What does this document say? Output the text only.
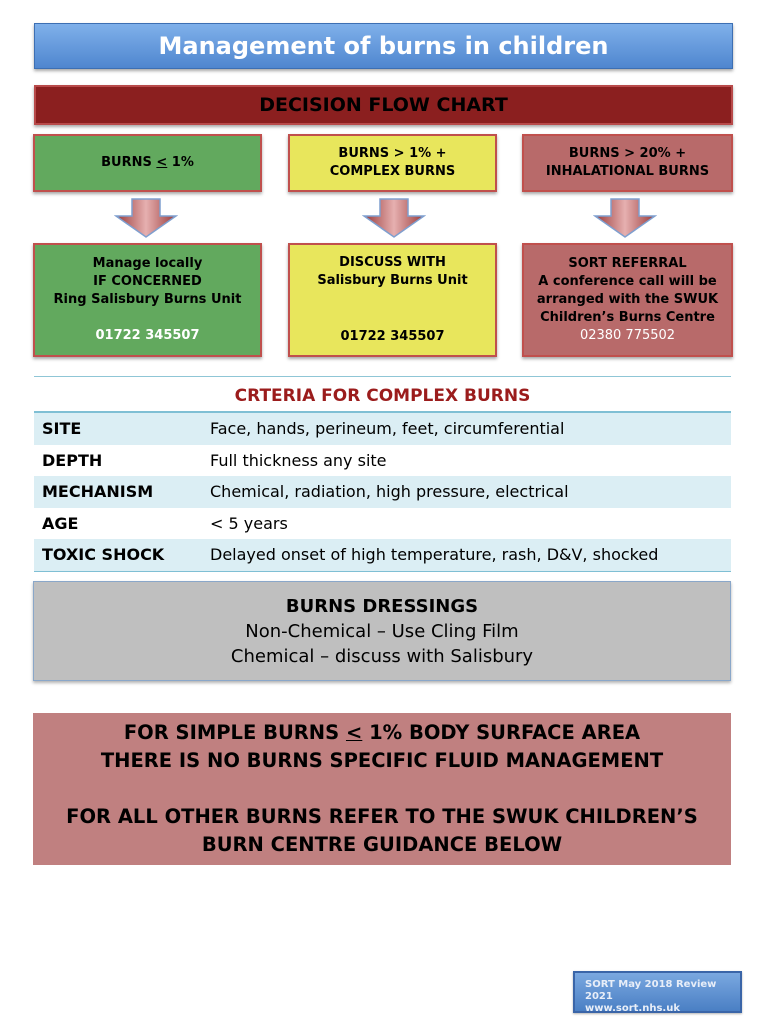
Management of burns in children
DECISION FLOW CHART
BURNS < 1%
BURNS > 1% +
COMPLEX BURNS
BURNS > 20% +
INHALATIONAL BURNS
Manage locally
IF CONCERNED
Ring Salisbury Burns Unit
01722 345507
DISCUSS WITH
Salisbury Burns Unit
01722 345507
SORT REFERRAL
A conference call will be
arranged with the SWUK
Children’s Burns Centre
02380 775502
CRTERIA FOR COMPLEX BURNS
SITE	Face, hands, perineum, feet, circumferential
DEPTH	Full thickness any site
MECHANISM	Chemical, radiation, high pressure, electrical
AGE	< 5 years
TOXIC SHOCK	Delayed onset of high temperature, rash, D&V, shocked
BURNS DRESSINGS
Non-Chemical – Use Cling Film
Chemical – discuss with Salisbury
FOR SIMPLE BURNS < 1% BODY SURFACE AREA
THERE IS NO BURNS SPECIFIC FLUID MANAGEMENT
FOR ALL OTHER BURNS REFER TO THE SWUK CHILDREN’S
BURN CENTRE GUIDANCE BELOW
SORT May 2018 Review 2021
www.sort.nhs.uk
